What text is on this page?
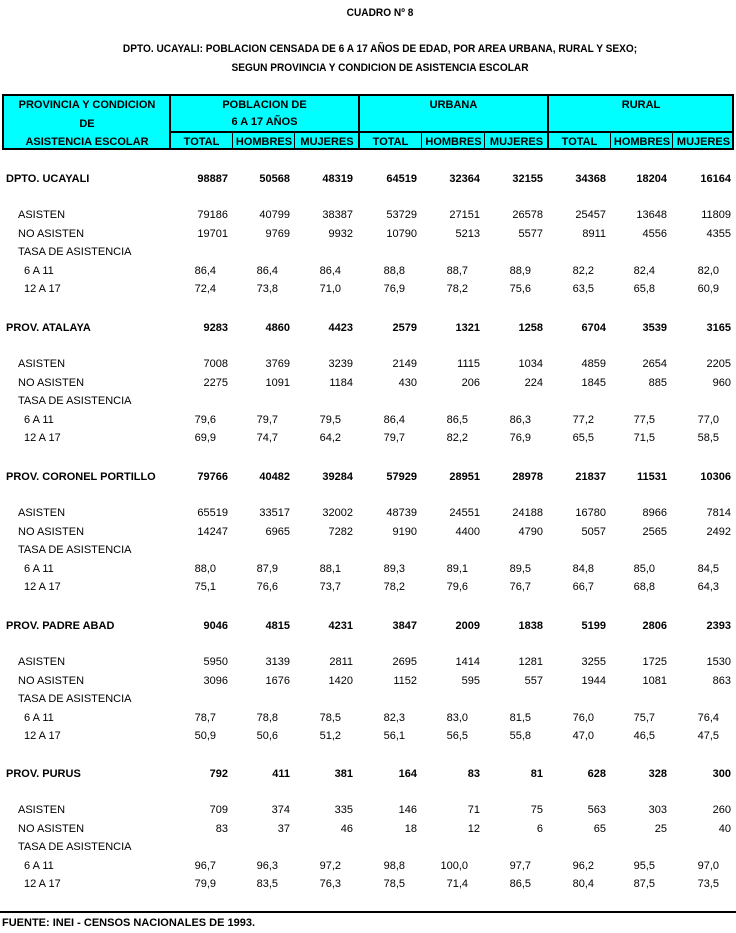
CUADRO Nº 8
DPTO. UCAYALI: POBLACION CENSADA DE 6 A 17 AÑOS DE EDAD, POR AREA URBANA, RURAL Y SEXO;
SEGUN PROVINCIA Y CONDICION DE ASISTENCIA ESCOLAR
PROVINCIA Y CONDICION
DE
ASISTENCIA ESCOLAR
POBLACION DE
6 A 17 AÑOS
URBANA	RURAL
TOTAL	HOMBRES MUJERES	TOTAL	HOMBRES MUJERES	TOTAL	HOMBRES MUJERES
DPTO. UCAYALI	98887	50568	48319	64519	32364	32155	34368	18204	16164
ASISTEN	79186	40799	38387	53729	27151	26578	25457	13648	11809
NO ASISTEN	19701	9769	9932	10790	5213	5577	8911	4556	4355
TASA DE ASISTENCIA
6 A 11	86,4	86,4	86,4	88,8	88,7	88,9	82,2	82,4	82,0
12 A 17	72,4	73,8	71,0	76,9	78,2	75,6	63,5	65,8	60,9
PROV. ATALAYA	9283	4860	4423	2579	1321	1258	6704	3539	3165
ASISTEN	7008	3769	3239	2149	1115	1034	4859	2654	2205
NO ASISTEN	2275	1091	1184	430	206	224	1845	885	960
TASA DE ASISTENCIA
6 A 11	79,6	79,7	79,5	86,4	86,5	86,3	77,2	77,5	77,0
12 A 17	69,9	74,7	64,2	79,7	82,2	76,9	65,5	71,5	58,5
PROV. CORONEL PORTILLO	79766	40482	39284	57929	28951	28978	21837	11531	10306
ASISTEN	65519	33517	32002	48739	24551	24188	16780	8966	7814
NO ASISTEN	14247	6965	7282	9190	4400	4790	5057	2565	2492
TASA DE ASISTENCIA
6 A 11	88,0	87,9	88,1	89,3	89,1	89,5	84,8	85,0	84,5
12 A 17	75,1	76,6	73,7	78,2	79,6	76,7	66,7	68,8	64,3
PROV. PADRE ABAD	9046	4815	4231	3847	2009	1838	5199	2806	2393
ASISTEN	5950	3139	2811	2695	1414	1281	3255	1725	1530
NO ASISTEN	3096	1676	1420	1152	595	557	1944	1081	863
TASA DE ASISTENCIA
6 A 11	78,7	78,8	78,5	82,3	83,0	81,5	76,0	75,7	76,4
12 A 17	50,9	50,6	51,2	56,1	56,5	55,8	47,0	46,5	47,5
PROV. PURUS	792	411	381	164	83	81	628	328	300
ASISTEN	709	374	335	146	71	75	563	303	260
NO ASISTEN	83	37	46	18	12	6	65	25	40
TASA DE ASISTENCIA
6 A 11	96,7	96,3	97,2	98,8	100,0	97,7	96,2	95,5	97,0
12 A 17	79,9	83,5	76,3	78,5	71,4	86,5	80,4	87,5	73,5
FUENTE: INEI - CENSOS NACIONALES DE 1993.
